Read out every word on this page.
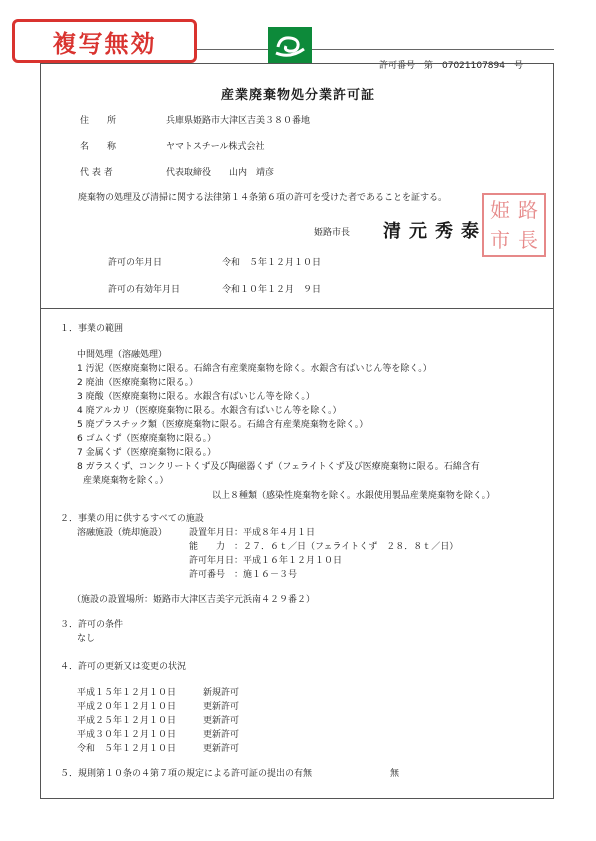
複写無効
許可番号　第　07021107894　号
産業廃棄物処分業許可証
住　　所	兵庫県姫路市大津区吉美３８０番地
名　　称	ヤマトスチール株式会社
代 表 者	代表取締役　　山内　靖彦
廃棄物の処理及び清掃に関する法律第１４条第６項の許可を受けた者であることを証する。
姫路市長 清元秀泰
姫 路
市 長
許可の年月日	令和　５年１２月１０日
許可の有効年月日	令和１０年１２月　９日
１．事業の範囲
中間処理（溶融処理）
1 汚泥（医療廃棄物に限る。石綿含有産業廃棄物を除く。水銀含有ばいじん等を除く。）
2 廃油（医療廃棄物に限る。）
3 廃酸（医療廃棄物に限る。水銀含有ばいじん等を除く。）
4 廃アルカリ（医療廃棄物に限る。水銀含有ばいじん等を除く。）
5 廃プラスチック類（医療廃棄物に限る。石綿含有産業廃棄物を除く。）
6 ゴムくず（医療廃棄物に限る。）
7 金属くず（医療廃棄物に限る。）
8 ガラスくず、コンクリートくず及び陶磁器くず（フェライトくず及び医療廃棄物に限る。石綿含有
産業廃棄物を除く。）
以上８種類（感染性廃棄物を除く。水銀使用製品産業廃棄物を除く。）
２．事業の用に供するすべての施設
溶融施設（焼却施設） 設置年月日：平成８年４月１日
能　　力　：２７．６ｔ／日（フェライトくず　２８．８ｔ／日）
許可年月日：平成１６年１２月１０日
許可番号　：施１６－３号
（施設の設置場所：姫路市大津区吉美字元浜南４２９番２）
３．許可の条件
なし
４．許可の更新又は変更の状況
平成１５年１２月１０日	新規許可
平成２０年１２月１０日	更新許可
平成２５年１２月１０日	更新許可
平成３０年１２月１０日	更新許可
令和　５年１２月１０日	更新許可
５．規則第１０条の４第７項の規定による許可証の提出の有無	無
